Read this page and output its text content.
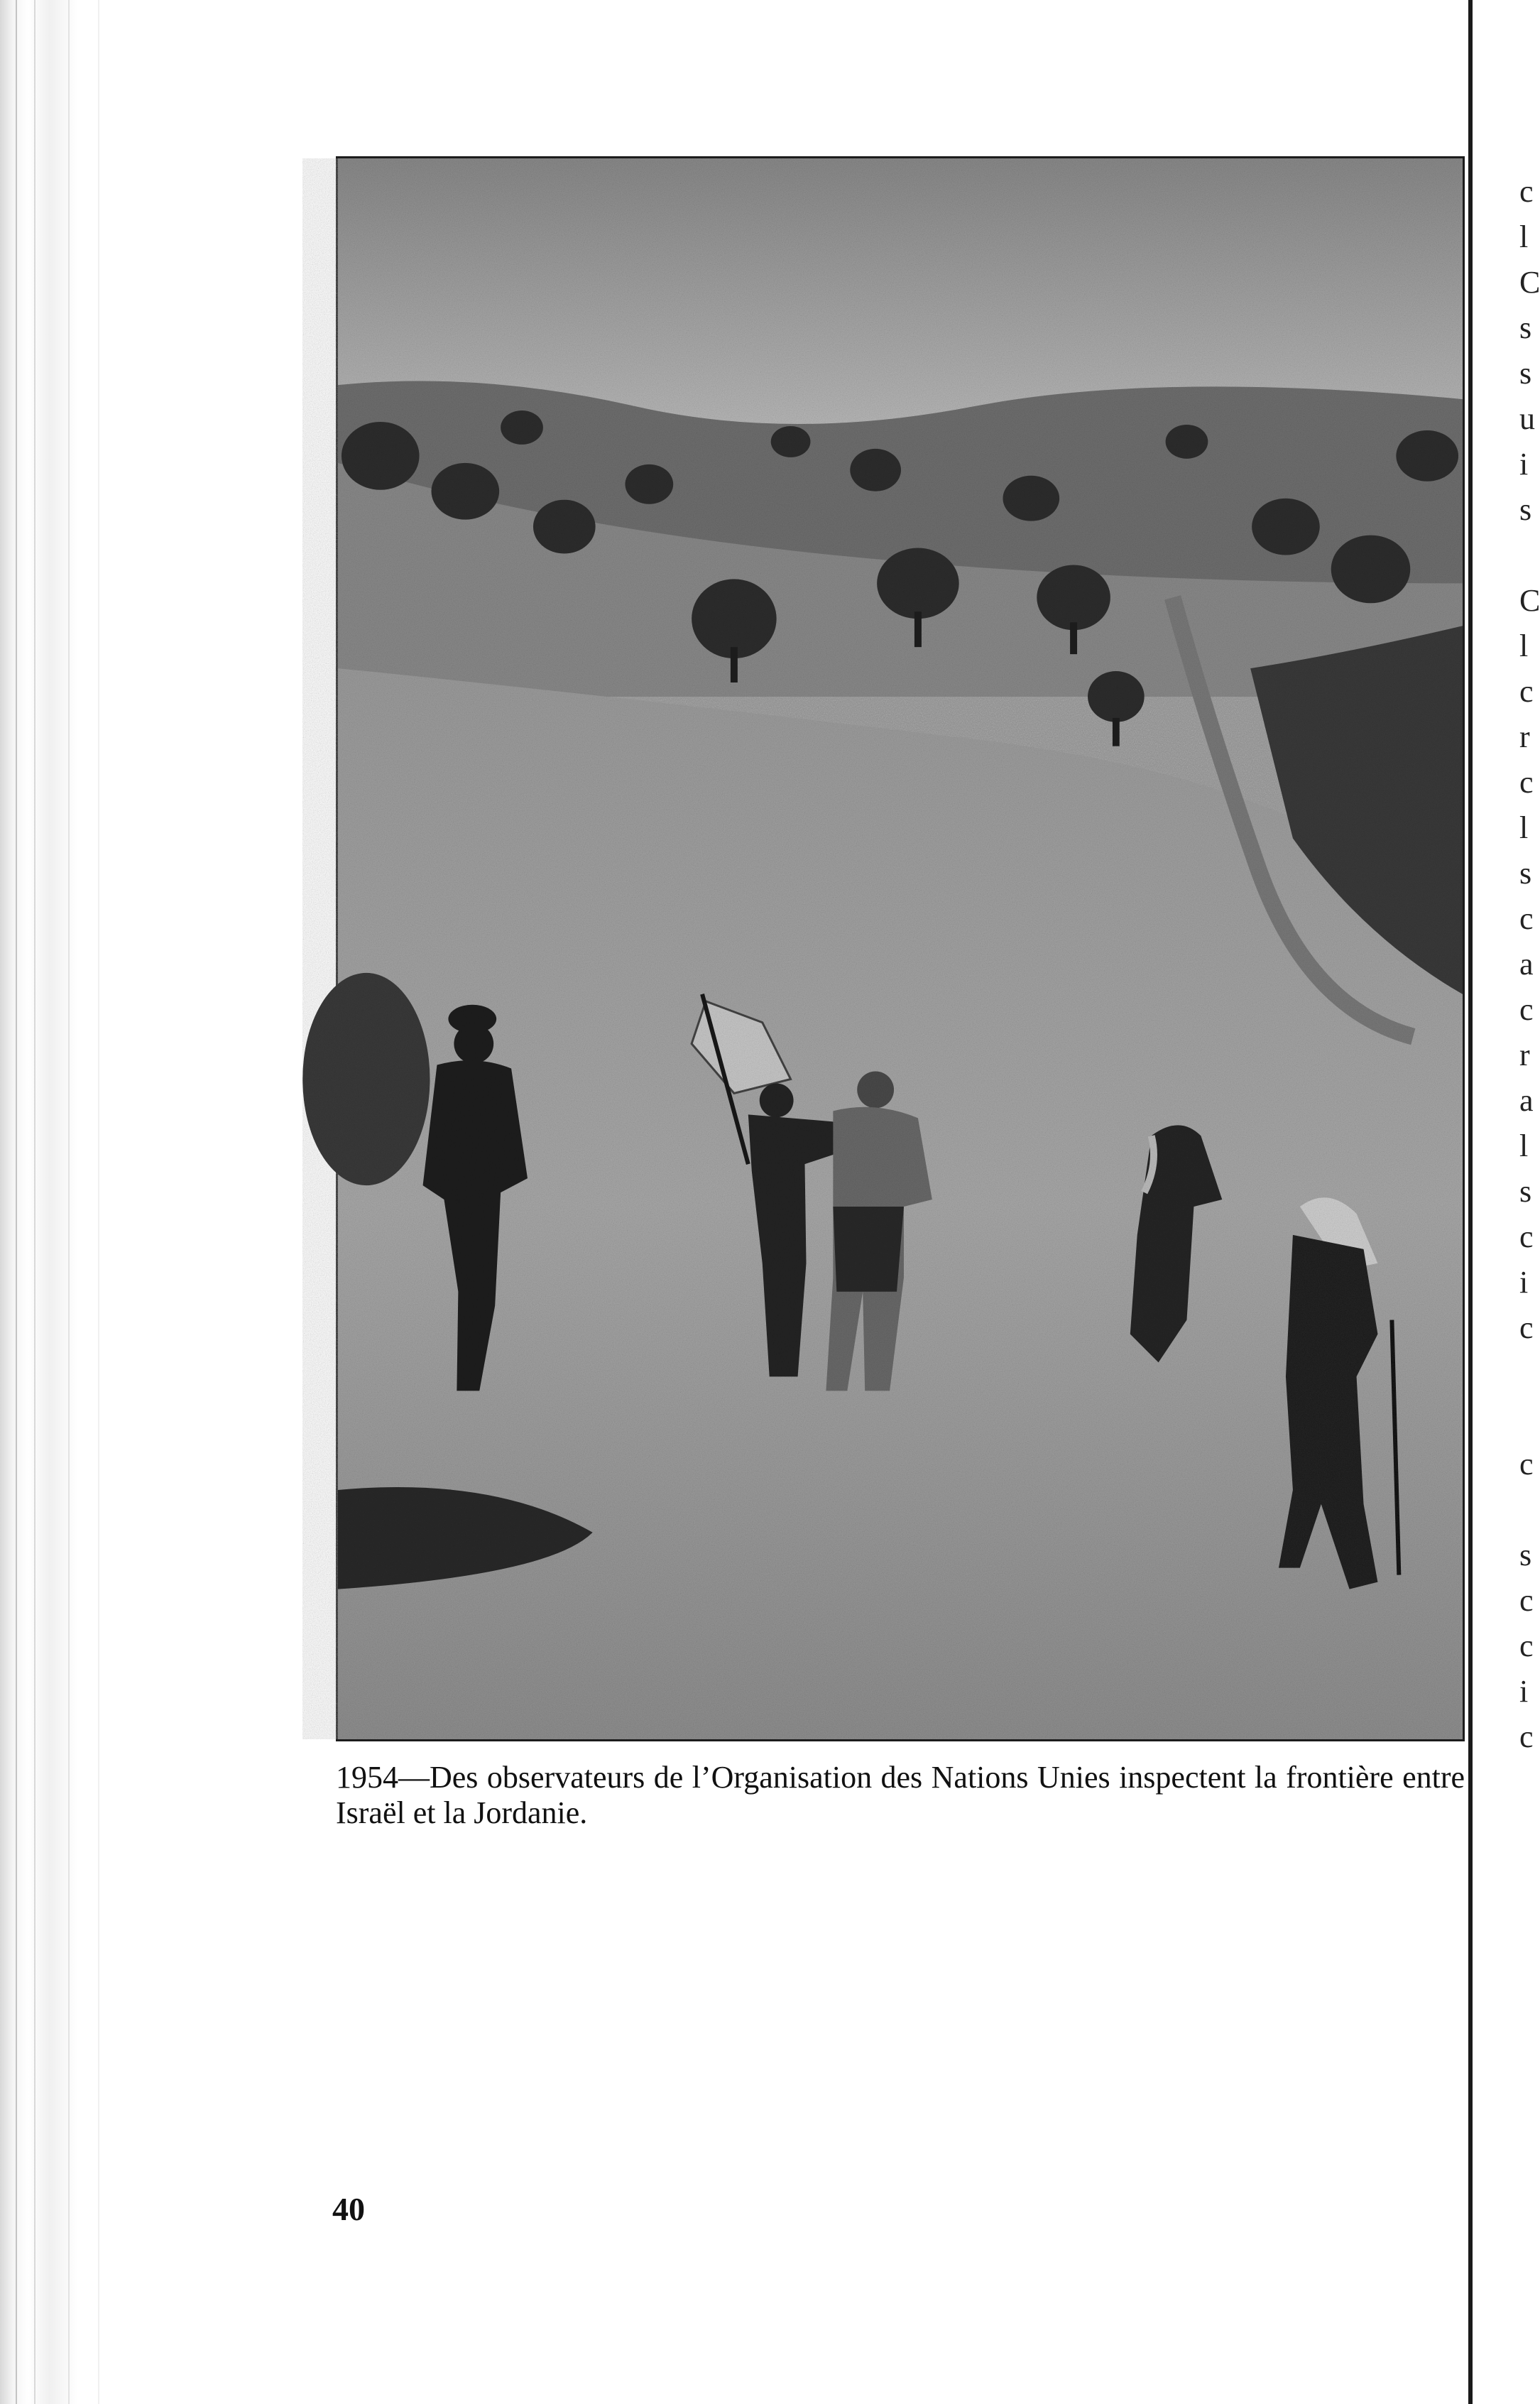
1954—Des observateurs de l’Organisation des Nations Unies inspectent la frontière entre Israël et la Jordanie.
40
c
l
C
s
s
u
i
s
C
l
c
r
c
l
s
c
a
c
r
a
l
s
c
i
c
c
s
c
c
i
c
